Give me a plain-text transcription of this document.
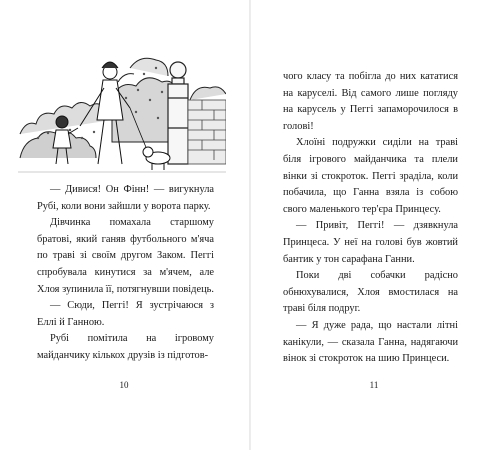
— Дивися! Он Фінн! — вигукнула Рубі, коли вони зайшли у ворота парку.

Дівчинка помахала старшому братові, який ганяв футбольного м'яча по траві зі своїм другом Заком. Пеггі спробувала кинутися за м'ячем, але Хлоя зупинила її, потягнувши повідець.

— Сюди, Пеггі! Я зустрічаюся з Еллі й Ганною.

Рубі помітила на ігровому майданчику кількох друзів із підготов-

10

чого класу та побігла до них кататися на каруселі. Від самого лише погляду на карусель у Пеггі запаморочилося в голові!

Хлоїні подружки сиділи на траві біля ігрового майданчика та плели вінки зі стокроток. Пеггі зраділа, коли побачила, що Ганна взяла із собою свого маленького тер'єра Принцесу.

— Привіт, Пеггі! — дзявкнула Принцеса. У неї на голові був жовтий бантик у тон сарафана Ганни.

Поки дві собачки радісно обнюхувалися, Хлоя вмостилася на траві біля подруг.

— Я дуже рада, що настали літні канікули, — сказала Ганна, надягаючи вінок зі стокроток на шию Принцеси.

11
